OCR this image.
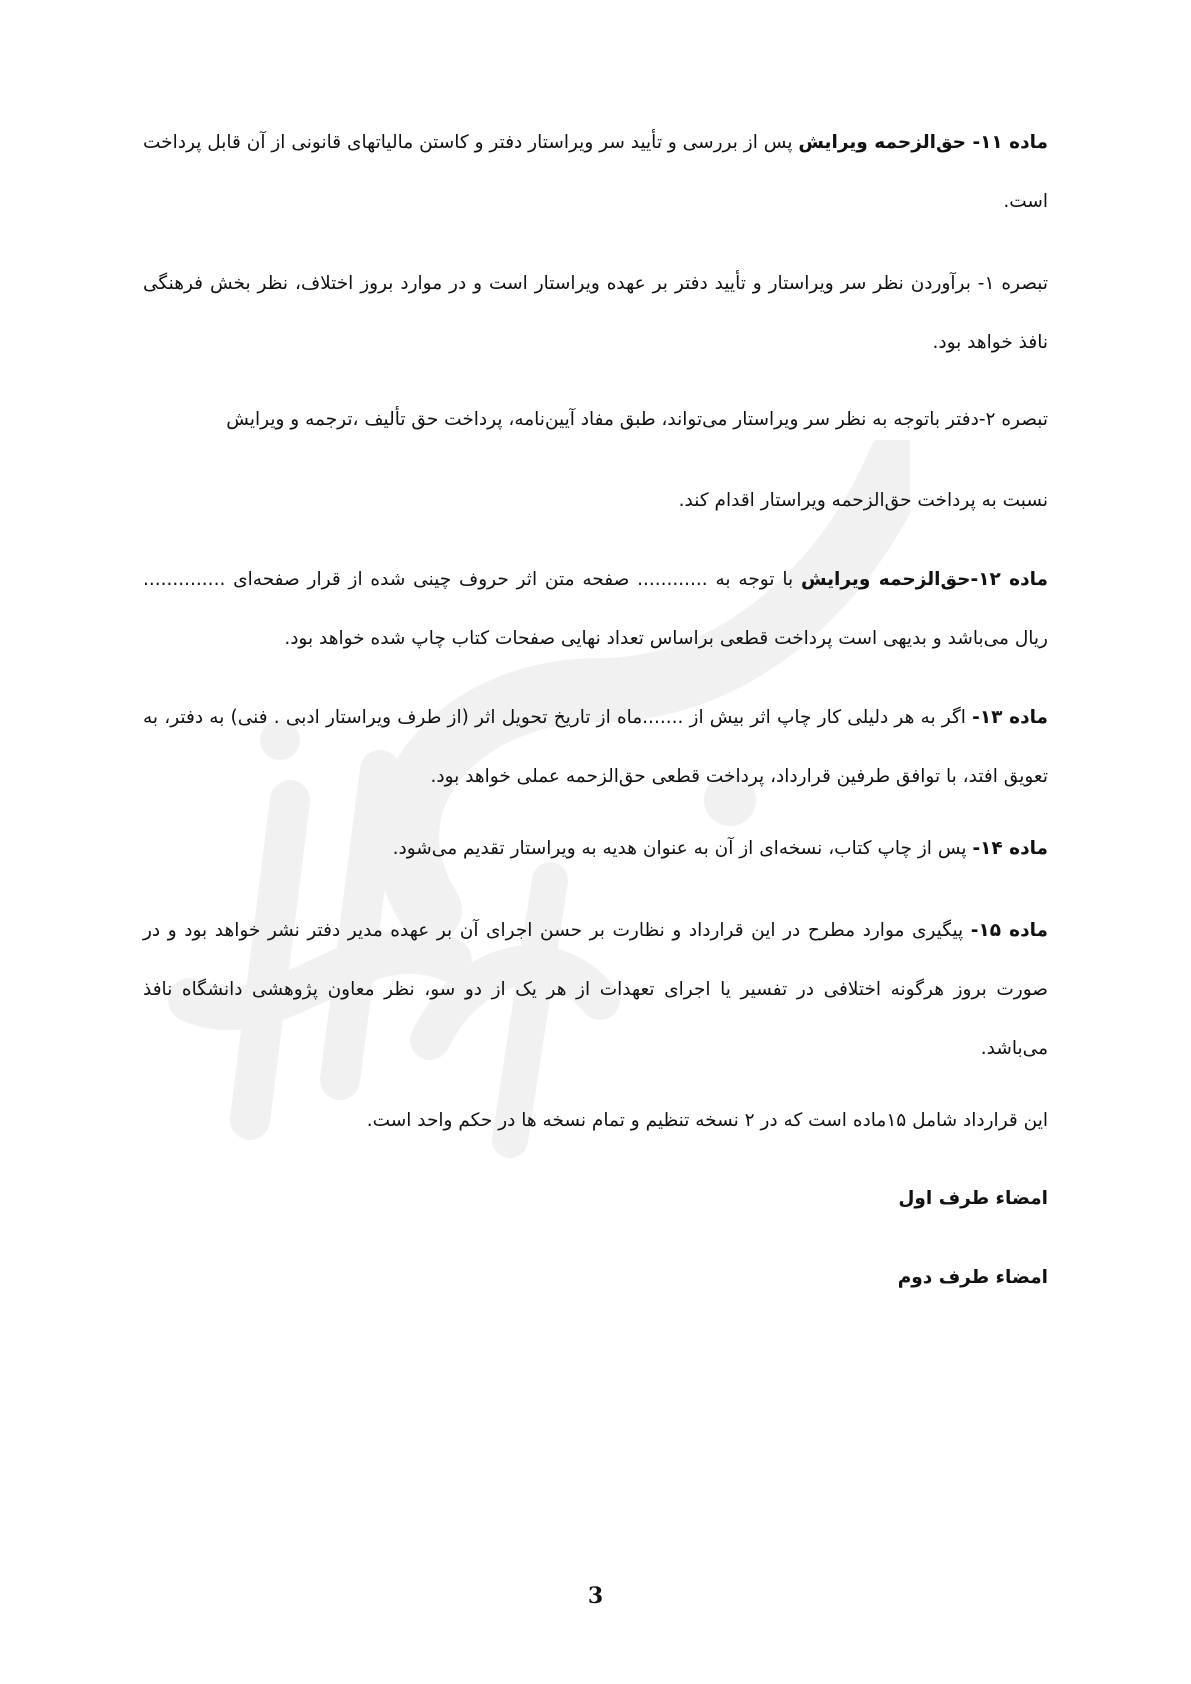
ماده ۱۱- حق‌الزحمه ویرایش پس از بررسی و تأیید سر ویراستار دفتر و کاستن مالیاتهای قانونی از آن قابل پرداخت است.

تبصره ۱- برآوردن نظر سر ویراستار و تأیید دفتر بر عهده ویراستار است و در موارد بروز اختلاف، نظر بخش فرهنگی نافذ خواهد بود.

تبصره ۲-دفتر باتوجه به نظر سر ویراستار می‌تواند، طبق مفاد آیین‌نامه، پرداخت حق تألیف ،ترجمه و ویرایش

نسبت به پرداخت حق‌الزحمه ویراستار اقدام کند.

ماده ۱۲-حق‌الزحمه ویرایش با توجه به ............ صفحه متن اثر حروف چینی شده از قرار صفحه‌ای .............. ریال می‌باشد و بدیهی است پرداخت قطعی براساس تعداد نهایی صفحات کتاب چاپ شده خواهد بود.

ماده ۱۳- اگر به هر دلیلی کار چاپ اثر بیش از .......ماه از تاریخ تحویل اثر (از طرف ویراستار ادبی . فنی) به دفتر، به تعویق افتد، با توافق طرفین قرارداد، پرداخت قطعی حق‌الزحمه عملی خواهد بود.

ماده ۱۴- پس از چاپ کتاب، نسخه‌ای از آن به عنوان هدیه به ویراستار تقدیم می‌شود.

ماده ۱۵- پیگیری موارد مطرح در این قرارداد و نظارت بر حسن اجرای آن بر عهده مدیر دفتر نشر خواهد بود و در صورت بروز هرگونه اختلافی در تفسیر یا اجرای تعهدات از هر یک از دو سو، نظر معاون پژوهشی دانشگاه نافذ می‌باشد.

این قرارداد شامل ۱۵ماده است که در ۲ نسخه تنظیم و تمام نسخه ها در حکم واحد است.

امضاء طرف اول

امضاء طرف دوم

3
